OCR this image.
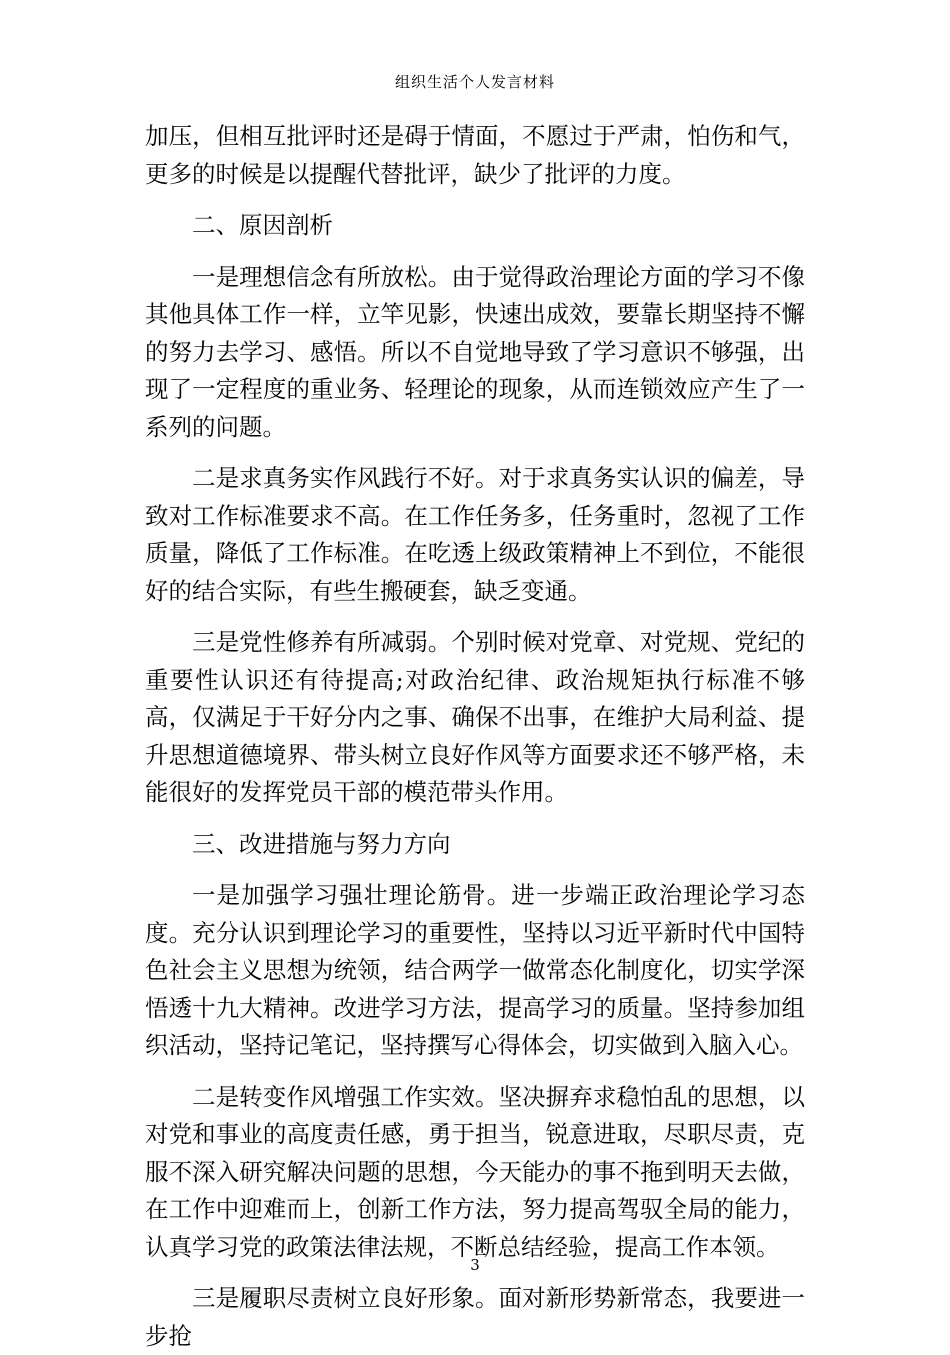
组织生活个人发言材料

加压，但相互批评时还是碍于情面，不愿过于严肃，怕伤和气，更多的时候是以提醒代替批评，缺少了批评的力度。

二、原因剖析

一是理想信念有所放松。由于觉得政治理论方面的学习不像其他具体工作一样，立竿见影，快速出成效，要靠长期坚持不懈的努力去学习、感悟。所以不自觉地导致了学习意识不够强，出现了一定程度的重业务、轻理论的现象，从而连锁效应产生了一系列的问题。

二是求真务实作风践行不好。对于求真务实认识的偏差，导致对工作标准要求不高。在工作任务多，任务重时，忽视了工作质量，降低了工作标准。在吃透上级政策精神上不到位，不能很好的结合实际，有些生搬硬套，缺乏变通。

三是党性修养有所减弱。个别时候对党章、对党规、党纪的重要性认识还有待提高;对政治纪律、政治规矩执行标准不够高，仅满足于干好分内之事、确保不出事，在维护大局利益、提升思想道德境界、带头树立良好作风等方面要求还不够严格，未能很好的发挥党员干部的模范带头作用。

三、改进措施与努力方向

一是加强学习强壮理论筋骨。进一步端正政治理论学习态度。充分认识到理论学习的重要性，坚持以习近平新时代中国特色社会主义思想为统领，结合两学一做常态化制度化，切实学深悟透十九大精神。改进学习方法，提高学习的质量。坚持参加组织活动，坚持记笔记，坚持撰写心得体会，切实做到入脑入心。

二是转变作风增强工作实效。坚决摒弃求稳怕乱的思想，以对党和事业的高度责任感，勇于担当，锐意进取，尽职尽责，克服不深入研究解决问题的思想，今天能办的事不拖到明天去做，在工作中迎难而上，创新工作方法，努力提高驾驭全局的能力，认真学习党的政策法律法规，不断总结经验，提高工作本领。

三是履职尽责树立良好形象。面对新形势新常态，我要进一步抢

3
